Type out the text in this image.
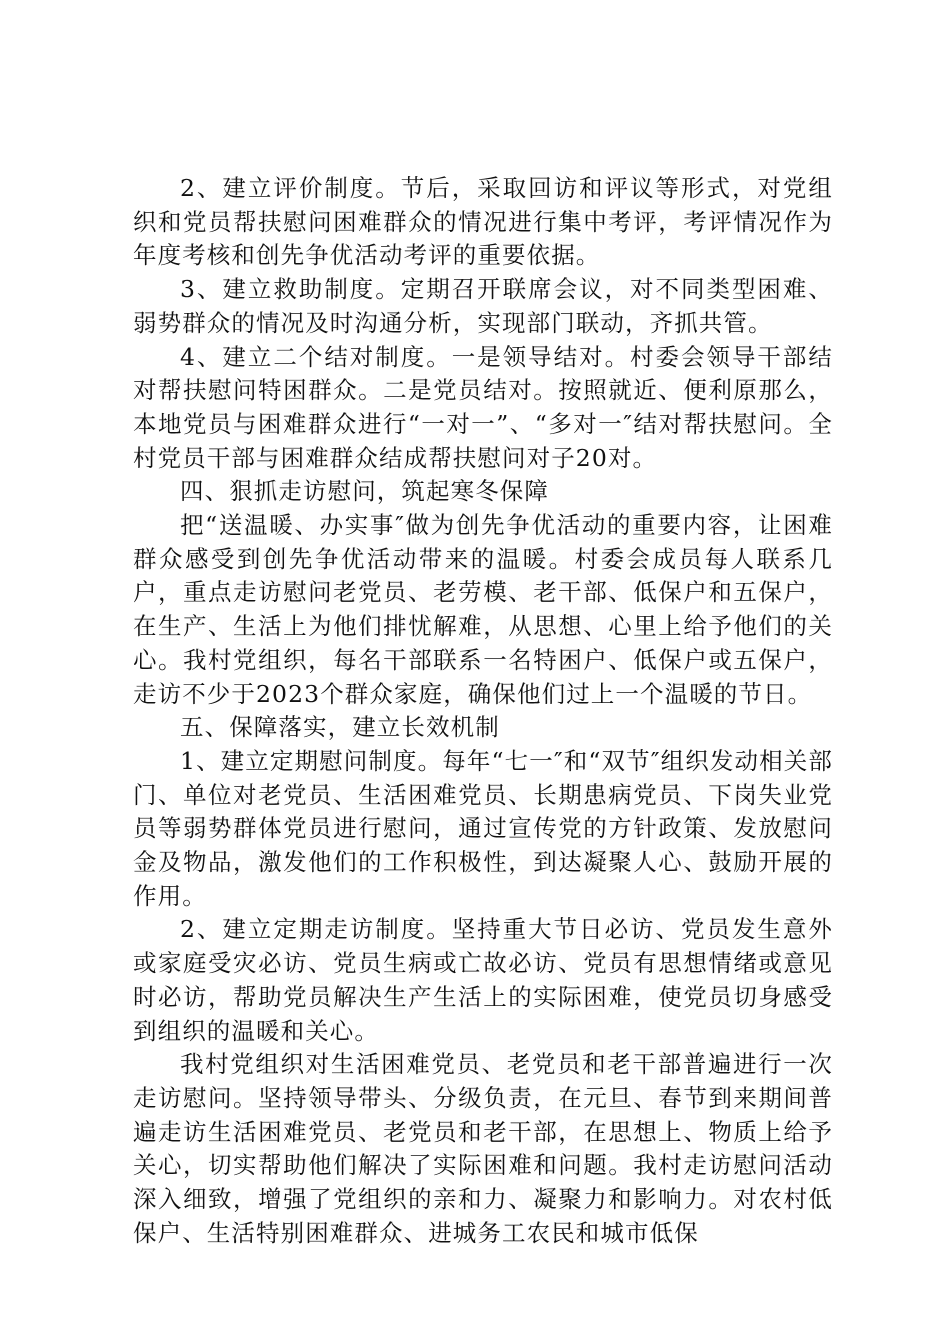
2、建立评价制度。节后，采取回访和评议等形式，对党组织和党员帮扶慰问困难群众的情况进行集中考评，考评情况作为年度考核和创先争优活动考评的重要依据。

3、建立救助制度。定期召开联席会议，对不同类型困难、弱势群众的情况及时沟通分析，实现部门联动，齐抓共管。

4、建立二个结对制度。一是领导结对。村委会领导干部结对帮扶慰问特困群众。二是党员结对。按照就近、便利原那么，本地党员与困难群众进行“一对一”、“多对一″结对帮扶慰问。全村党员干部与困难群众结成帮扶慰问对子20对。

四、狠抓走访慰问，筑起寒冬保障

把“送温暖、办实事″做为创先争优活动的重要内容，让困难群众感受到创先争优活动带来的温暖。村委会成员每人联系几户，重点走访慰问老党员、老劳模、老干部、低保户和五保户，在生产、生活上为他们排忧解难，从思想、心里上给予他们的关心。我村党组织，每名干部联系一名特困户、低保户或五保户，走访不少于2023个群众家庭，确保他们过上一个温暖的节日。

五、保障落实，建立长效机制

1、建立定期慰问制度。每年“七一″和“双节″组织发动相关部门、单位对老党员、生活困难党员、长期患病党员、下岗失业党员等弱势群体党员进行慰问，通过宣传党的方针政策、发放慰问金及物品，激发他们的工作积极性，到达凝聚人心、鼓励开展的作用。

2、建立定期走访制度。坚持重大节日必访、党员发生意外或家庭受灾必访、党员生病或亡故必访、党员有思想情绪或意见时必访，帮助党员解决生产生活上的实际困难，使党员切身感受到组织的温暖和关心。

我村党组织对生活困难党员、老党员和老干部普遍进行一次走访慰问。坚持领导带头、分级负责，在元旦、春节到来期间普遍走访生活困难党员、老党员和老干部，在思想上、物质上给予关心，切实帮助他们解决了实际困难和问题。我村走访慰问活动深入细致，增强了党组织的亲和力、凝聚力和影响力。对农村低保户、生活特别困难群众、进城务工农民和城市低保
